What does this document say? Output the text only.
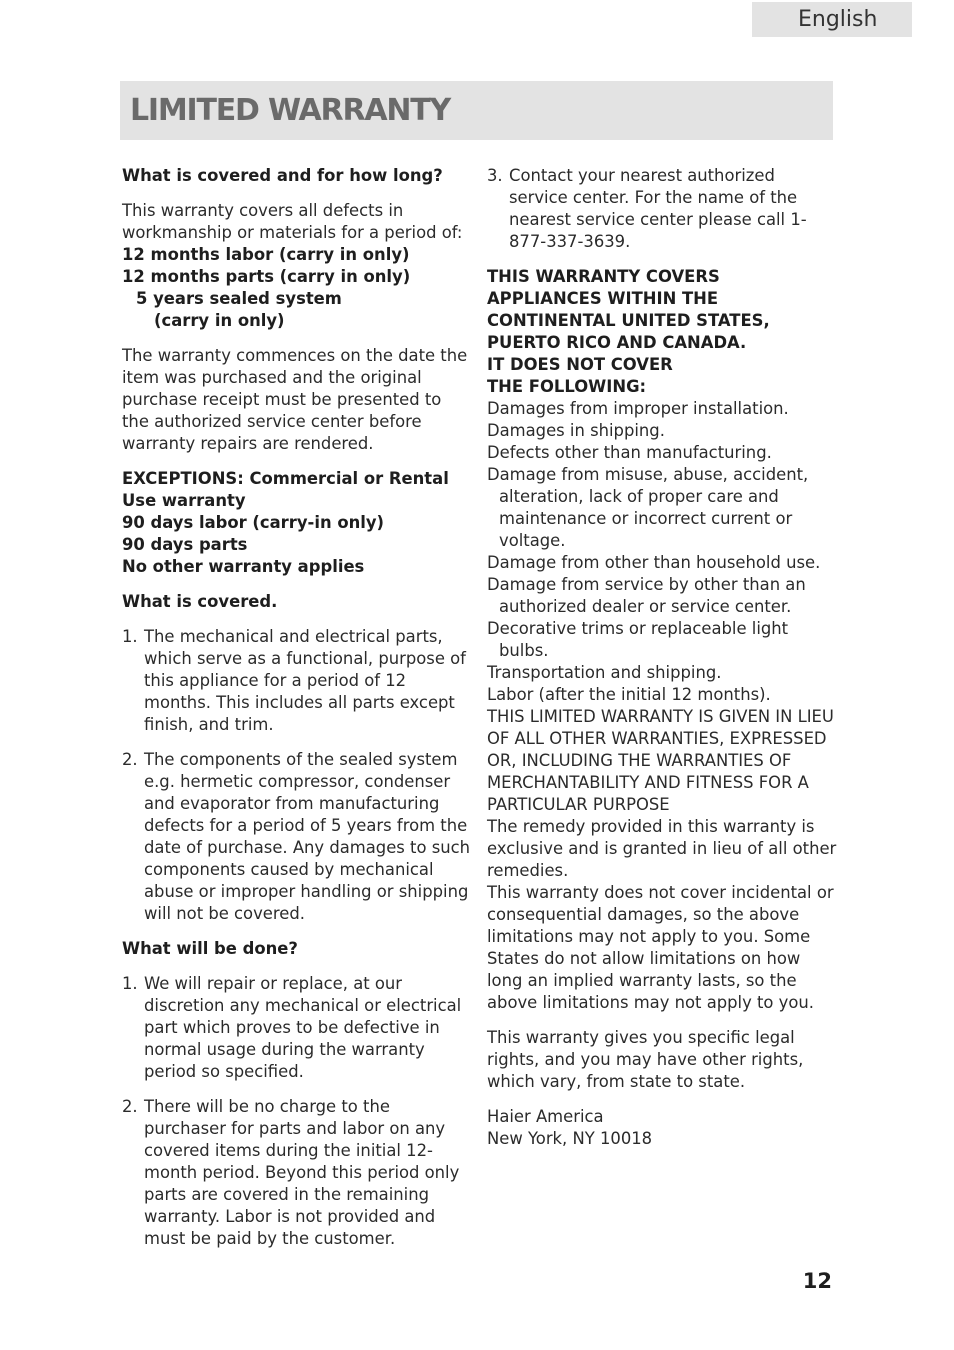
English
LIMITED WARRANTY

What is covered and for how long?

This warranty covers all defects in workmanship or materials for a period of:

12 months labor (carry in only)

12 months parts (carry in only)

5 years sealed system

(carry in only)

The warranty commences on the date the item was purchased and the original purchase receipt must be presented to the authorized service center before warranty repairs are rendered.

EXCEPTIONS: Commercial or Rental Use warranty

90 days labor (carry-in only)

90 days parts

No other warranty applies

What is covered.

1. The mechanical and electrical parts, which serve as a functional, purpose of this appliance for a period of 12 months. This includes all parts except finish, and trim.
2. The components of the sealed system e.g. hermetic compressor, condenser and evaporator from manufacturing defects for a period of 5 years from the date of purchase. Any damages to such components caused by mechanical abuse or improper handling or shipping will not be covered.

What will be done?

1. We will repair or replace, at our discretion any mechanical or electrical part which proves to be defective in normal usage during the warranty period so specified.
2. There will be no charge to the purchaser for parts and labor on any covered items during the initial 12-month period. Beyond this period only parts are covered in the remaining warranty. Labor is not provided and must be paid by the customer.
3. Contact your nearest authorized service center. For the name of the nearest service center please call 1-877-337-3639.

THIS WARRANTY COVERS

APPLIANCES WITHIN THE

CONTINENTAL UNITED STATES,

PUERTO RICO AND CANADA.

IT DOES NOT COVER

THE FOLLOWING:

Damages from improper installation.

Damages in shipping.

Defects other than manufacturing.

Damage from misuse, abuse, accident, alteration, lack of proper care and maintenance or incorrect current or voltage.

Damage from other than household use.

Damage from service by other than an authorized dealer or service center.

Decorative trims or replaceable light bulbs.

Transportation and shipping.

Labor (after the initial 12 months).

THIS LIMITED WARRANTY IS GIVEN IN LIEU OF ALL OTHER WARRANTIES, EXPRESSED OR, INCLUDING THE WARRANTIES OF MERCHANTABILITY AND FITNESS FOR A PARTICULAR PURPOSE

The remedy provided in this warranty is exclusive and is granted in lieu of all other remedies.

This warranty does not cover incidental or consequential damages, so the above limitations may not apply to you. Some States do not allow limitations on how long an implied warranty lasts, so the above limitations may not apply to you.

This warranty gives you specific legal rights, and you may have other rights, which vary, from state to state.

Haier America

New York, NY 10018

12
